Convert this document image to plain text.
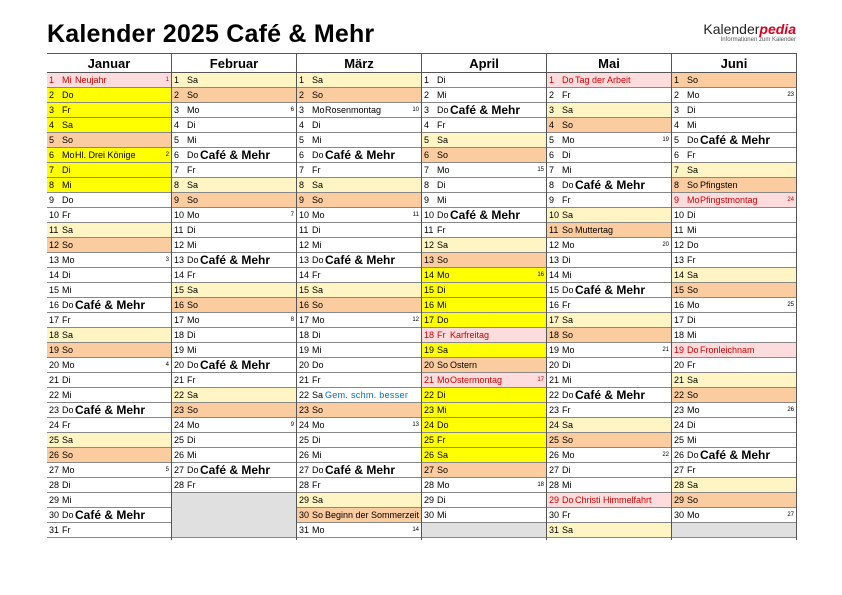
Kalender 2025 Café & Mehr	Kalenderpedia
Informationen zum Kalender
Januar
1 Mi Neujahr	1
2 Do
3 Fr
4 Sa
5 So
6 MoHl. Drei Könige	2
7 Di
8 Mi
9 Do
10 Fr
11 Sa
12 So
13 Mo	3
14 Di
15 Mi
16 DoCafé & Mehr
17 Fr
18 Sa
19 So
20 Mo	4
21 Di
22 Mi
23 DoCafé & Mehr
24 Fr
25 Sa
26 So
27 Mo	5
28 Di
29 Mi
30 DoCafé & Mehr
31 Fr
Februar
1 Sa
2 So
3 Mo	6
4 Di
5 Mi
6 DoCafé & Mehr
7 Fr
8 Sa
9 So
10 Mo	7
11 Di
12 Mi
13 DoCafé & Mehr
14 Fr
15 Sa
16 So
17 Mo	8
18 Di
19 Mi
20 DoCafé & Mehr
21 Fr
22 Sa
23 So
24 Mo	9
25 Di
26 Mi
27 DoCafé & Mehr
28 Fr
März
1 Sa
2 So
3 MoRosenmontag	10
4 Di
5 Mi
6 DoCafé & Mehr
7 Fr
8 Sa
9 So
10 Mo	11
11 Di
12 Mi
13 DoCafé & Mehr
14 Fr
15 Sa
16 So
17 Mo	12
18 Di
19 Mi
20 Do
21 Fr
22 Sa Gem. schm. besser
23 So
24 Mo	13
25 Di
26 Mi
27 DoCafé & Mehr
28 Fr
29 Sa
30 So Beginn der Sommerzeit
31 Mo	14
April
1 Di
2 Mi
3 DoCafé & Mehr
4 Fr
5 Sa
6 So
7 Mo	15
8 Di
9 Mi
10 DoCafé & Mehr
11 Fr
12 Sa
13 So
14 Mo	16
15 Di
16 Mi
17 Do
18 Fr Karfreitag
19 Sa
20 So Ostern
21 MoOstermontag	17
22 Di
23 Mi
24 Do
25 Fr
26 Sa
27 So
28 Mo	18
29 Di
30 Mi
Mai
1 DoTag der Arbeit
2 Fr
3 Sa
4 So
5 Mo	19
6 Di
7 Mi
8 DoCafé & Mehr
9 Fr
10 Sa
11 So Muttertag
12 Mo	20
13 Di
14 Mi
15 DoCafé & Mehr
16 Fr
17 Sa
18 So
19 Mo	21
20 Di
21 Mi
22 DoCafé & Mehr
23 Fr
24 Sa
25 So
26 Mo	22
27 Di
28 Mi
29 DoChristi Himmelfahrt
30 Fr
31 Sa
Juni
1 So
2 Mo	23
3 Di
4 Mi
5 DoCafé & Mehr
6 Fr
7 Sa
8 So Pfingsten
9 MoPfingstmontag	24
10 Di
11 Mi
12 Do
13 Fr
14 Sa
15 So
16 Mo	25
17 Di
18 Mi
19 DoFronleichnam
20 Fr
21 Sa
22 So
23 Mo	26
24 Di
25 Mi
26 DoCafé & Mehr
27 Fr
28 Sa
29 So
30 Mo	27
